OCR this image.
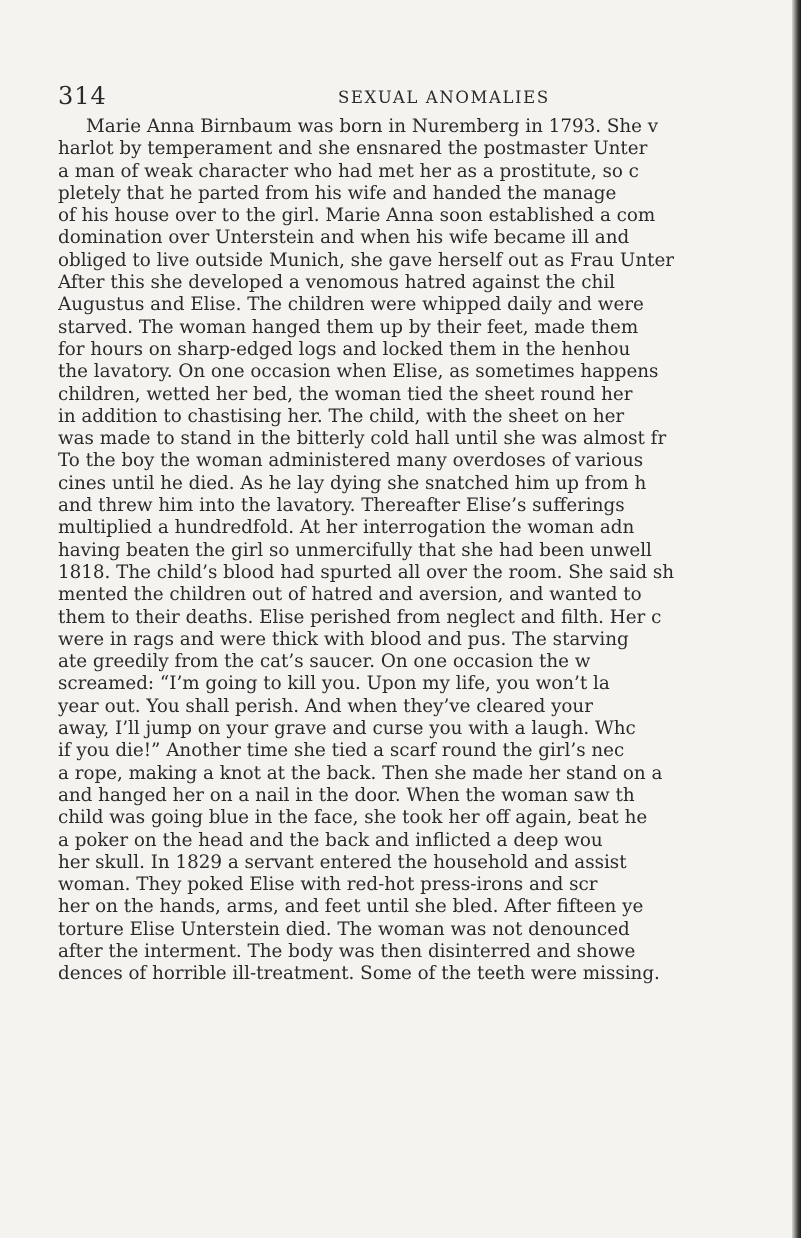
314	SEXUAL ANOMALIES
Marie Anna Birnbaum was born in Nuremberg in 1793. She v
harlot by temperament and she ensnared the postmaster Unter
a man of weak character who had met her as a prostitute, so c
pletely that he parted from his wife and handed the manage
of his house over to the girl. Marie Anna soon established a com
domination over Unterstein and when his wife became ill and
obliged to live outside Munich, she gave herself out as Frau Unter
After this she developed a venomous hatred against the chil
Augustus and Elise. The children were whipped daily and were
starved. The woman hanged them up by their feet, made them
for hours on sharp-edged logs and locked them in the henhou
the lavatory. On one occasion when Elise, as sometimes happens
children, wetted her bed, the woman tied the sheet round her
in addition to chastising her. The child, with the sheet on her
was made to stand in the bitterly cold hall until she was almost fr
To the boy the woman administered many overdoses of various
cines until he died. As he lay dying she snatched him up from h
and threw him into the lavatory. Thereafter Elise’s sufferings
multiplied a hundredfold. At her interrogation the woman adn
having beaten the girl so unmercifully that she had been unwell
1818. The child’s blood had spurted all over the room. She said sh
mented the children out of hatred and aversion, and wanted to
them to their deaths. Elise perished from neglect and filth. Her c
were in rags and were thick with blood and pus. The starving
ate greedily from the cat’s saucer. On one occasion the w
screamed: “I’m going to kill you. Upon my life, you won’t la
year out. You shall perish. And when they’ve cleared your
away, I’ll jump on your grave and curse you with a laugh. Whc
if you die!” Another time she tied a scarf round the girl’s nec
a rope, making a knot at the back. Then she made her stand on a
and hanged her on a nail in the door. When the woman saw th
child was going blue in the face, she took her off again, beat he
a poker on the head and the back and inflicted a deep wou
her skull. In 1829 a servant entered the household and assist
woman. They poked Elise with red-hot press-irons and scr
her on the hands, arms, and feet until she bled. After fifteen ye
torture Elise Unterstein died. The woman was not denounced
after the interment. The body was then disinterred and showe
dences of horrible ill-treatment. Some of the teeth were missing.
